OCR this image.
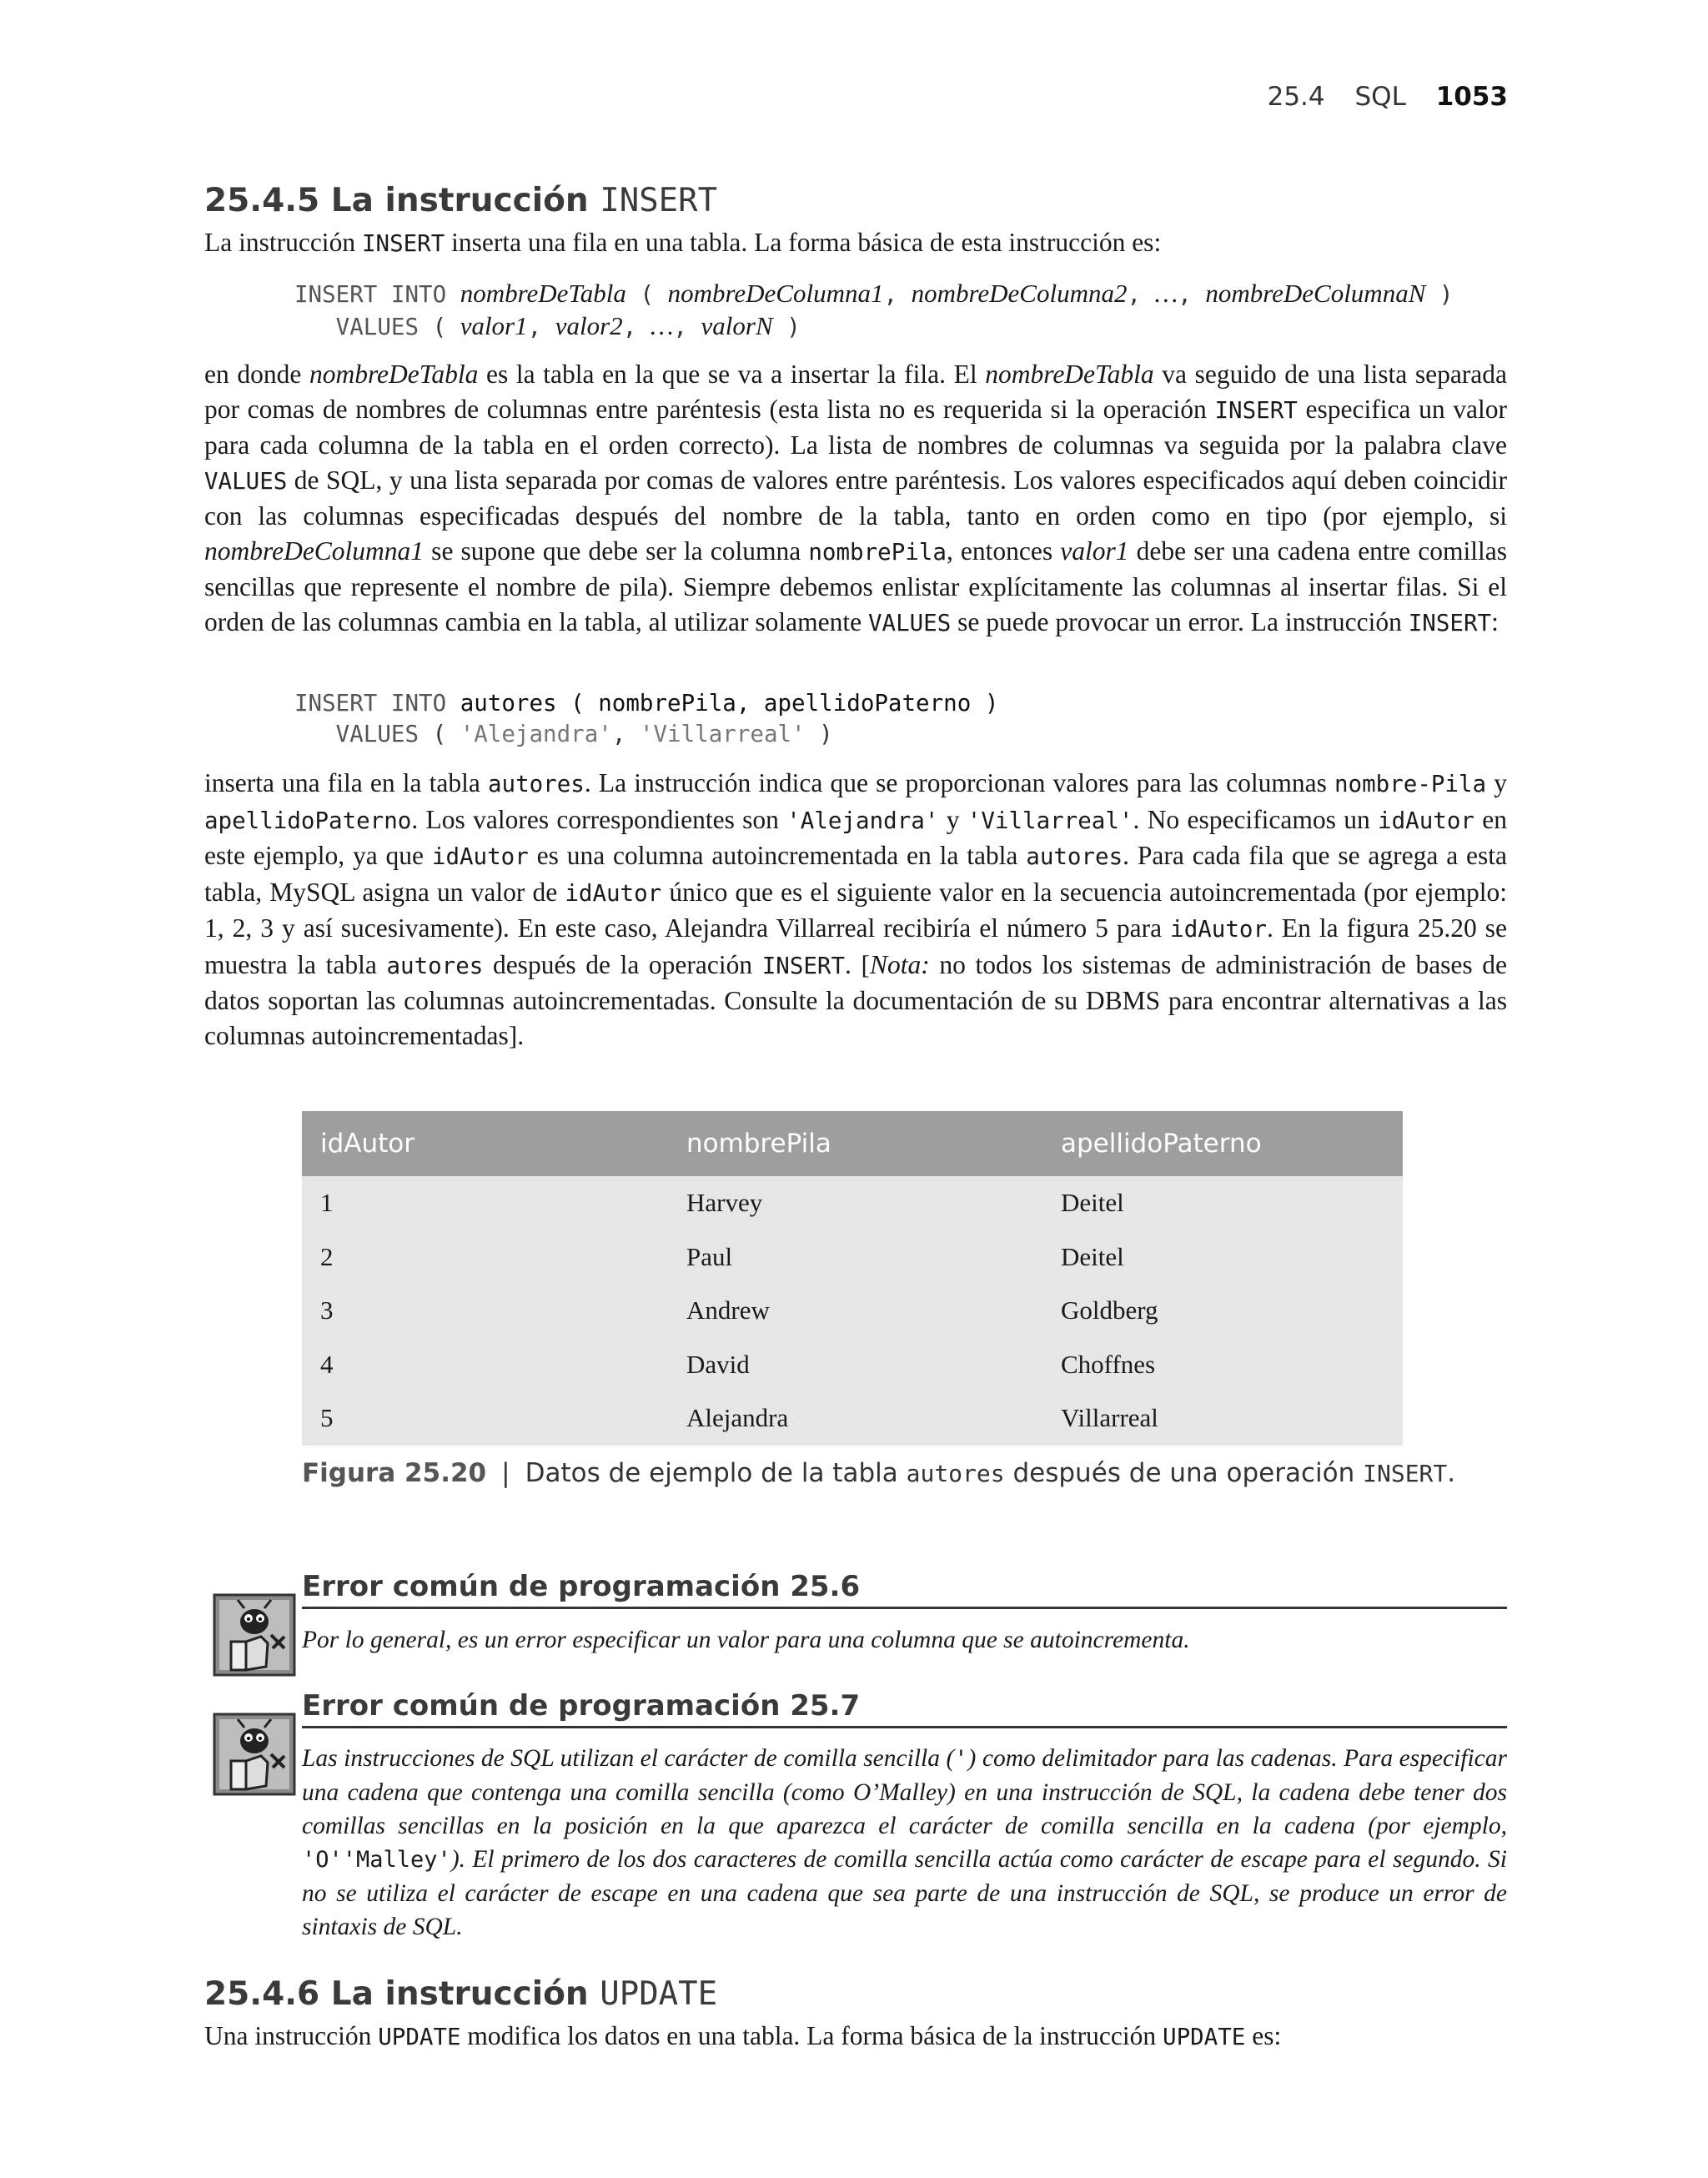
25.4 SQL 1053
25.4.5 La instrucción INSERT

La instrucción INSERT inserta una fila en una tabla. La forma básica de esta instrucción es:

INSERT INTO nombreDeTabla ( nombreDeColumna1, nombreDeColumna2, …, nombreDeColumnaN )
VALUES ( valor1, valor2, …, valorN )

en donde nombreDeTabla es la tabla en la que se va a insertar la fila. El nombreDeTabla va seguido de una lista separada por comas de nombres de columnas entre paréntesis (esta lista no es requerida si la operación INSERT especifica un valor para cada columna de la tabla en el orden correcto). La lista de nombres de columnas va seguida por la palabra clave VALUES de SQL, y una lista separada por comas de valores entre paréntesis. Los valores especificados aquí deben coincidir con las columnas especificadas después del nombre de la tabla, tanto en orden como en tipo (por ejemplo, si nombreDeColumna1 se supone que debe ser la columna nombrePila, entonces valor1 debe ser una cadena entre comillas sencillas que represente el nombre de pila). Siempre debemos enlistar explícitamente las columnas al insertar filas. Si el orden de las columnas cambia en la tabla, al utilizar solamente VALUES se puede provocar un error. La instrucción INSERT:

INSERT INTO autores ( nombrePila, apellidoPaterno )
VALUES ( 'Alejandra', 'Villarreal' )

inserta una fila en la tabla autores. La instrucción indica que se proporcionan valores para las columnas nombre-Pila y apellidoPaterno. Los valores correspondientes son 'Alejandra' y 'Villarreal'. No especificamos un idAutor en este ejemplo, ya que idAutor es una columna autoincrementada en la tabla autores. Para cada fila que se agrega a esta tabla, MySQL asigna un valor de idAutor único que es el siguiente valor en la secuencia autoincrementada (por ejemplo: 1, 2, 3 y así sucesivamente). En este caso, Alejandra Villarreal recibiría el número 5 para idAutor. En la figura 25.20 se muestra la tabla autores después de la operación INSERT. [Nota: no todos los sistemas de administración de bases de datos soportan las columnas autoincrementadas. Consulte la documentación de su DBMS para encontrar alternativas a las columnas autoincrementadas].

idAutor	nombrePila	apellidoPaterno
1	Harvey	Deitel
2	Paul	Deitel
3	Andrew	Goldberg
4	David	Choffnes
5	Alejandra	Villarreal
Figura 25.20 | Datos de ejemplo de la tabla autores después de una operación INSERT.
Error común de programación 25.6
Por lo general, es un error especificar un valor para una columna que se autoincrementa.
Error común de programación 25.7
Las instrucciones de SQL utilizan el carácter de comilla sencilla (') como delimitador para las cadenas. Para especificar una cadena que contenga una comilla sencilla (como O’Malley) en una instrucción de SQL, la cadena debe tener dos comillas sencillas en la posición en la que aparezca el carácter de comilla sencilla en la cadena (por ejemplo, 'O''Malley'). El primero de los dos caracteres de comilla sencilla actúa como carácter de escape para el segundo. Si no se utiliza el carácter de escape en una cadena que sea parte de una instrucción de SQL, se produce un error de sintaxis de SQL.
25.4.6 La instrucción UPDATE

Una instrucción UPDATE modifica los datos en una tabla. La forma básica de la instrucción UPDATE es:
